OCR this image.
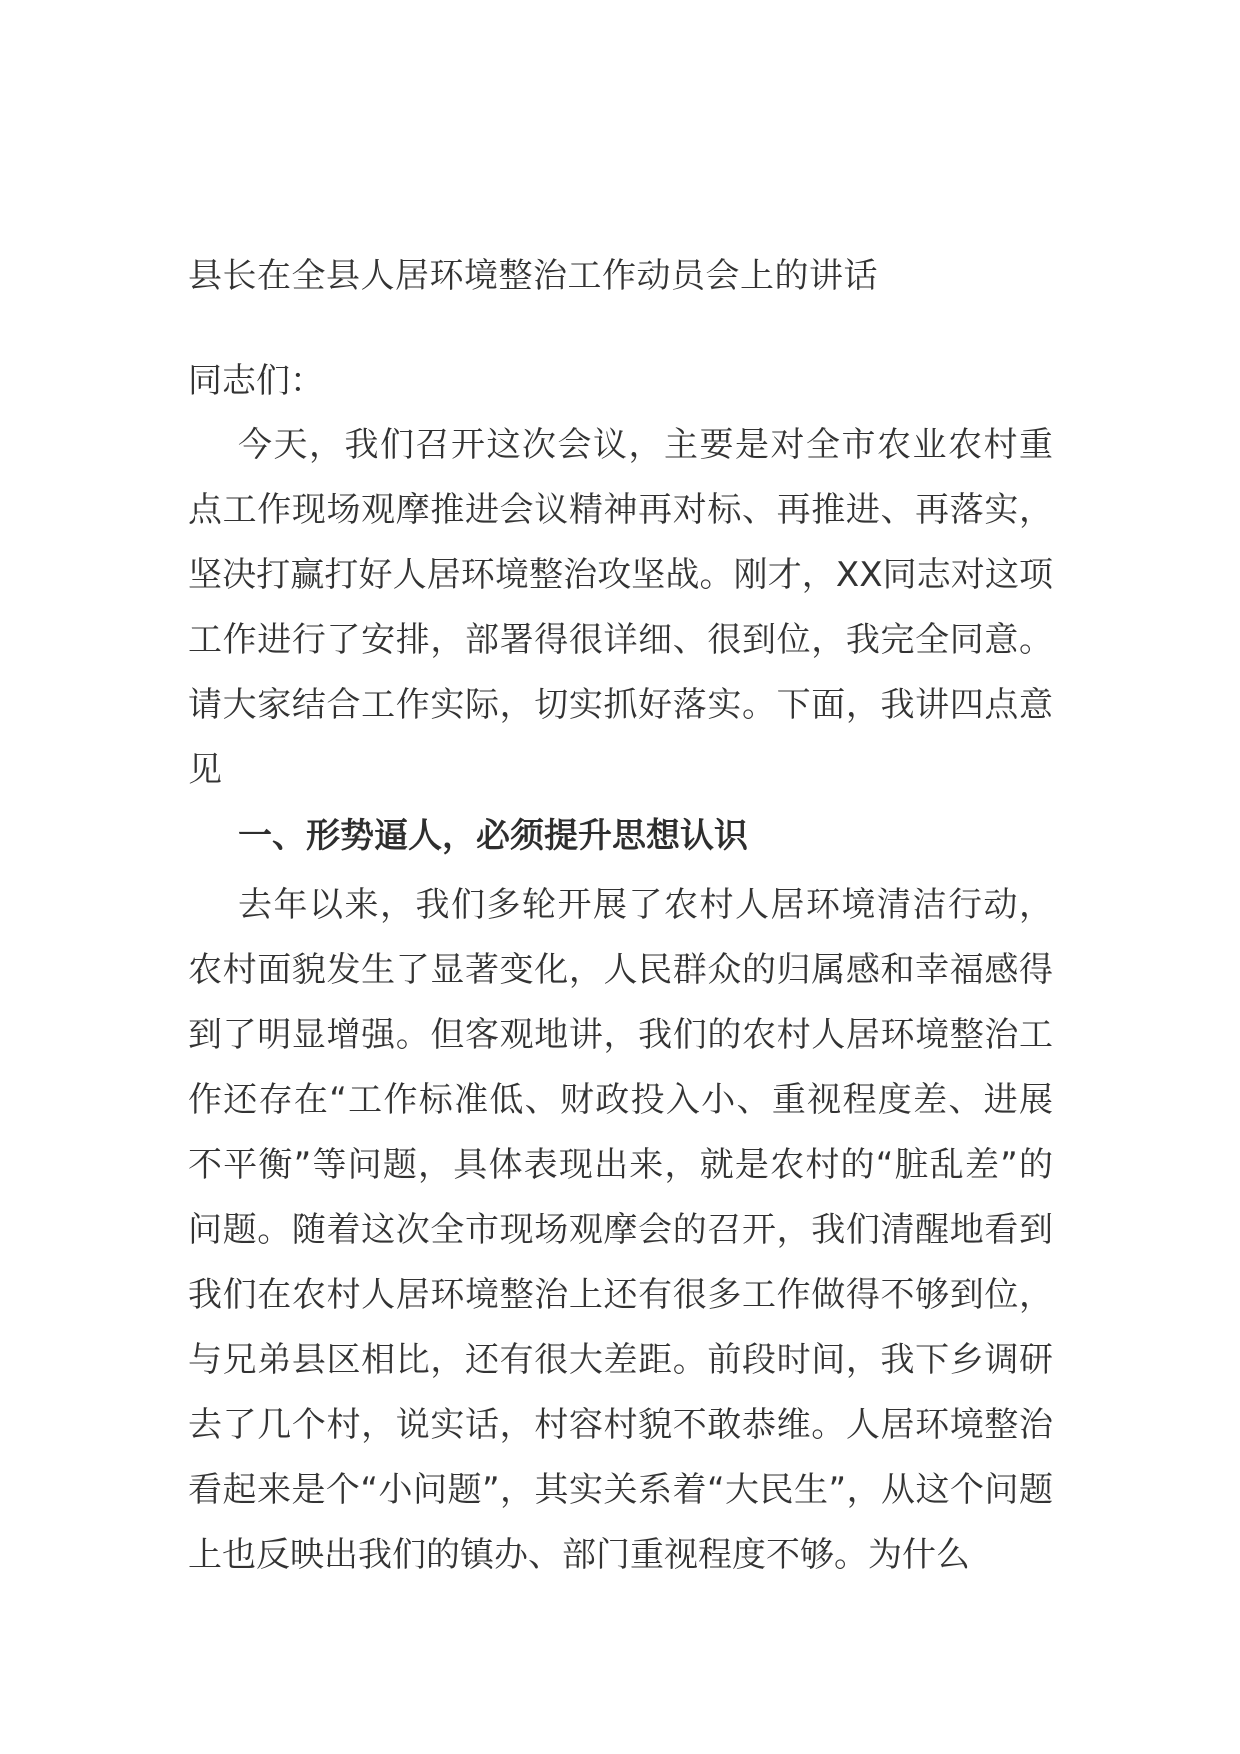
县长在全县人居环境整治工作动员会上的讲话
同志们：

今天，我们召开这次会议，主要是对全市农业农村重点工作现场观摩推进会议精神再对标、再推进、再落实，坚决打赢打好人居环境整治攻坚战。刚才，XX同志对这项工作进行了安排，部署得很详细、很到位，我完全同意。请大家结合工作实际，切实抓好落实。下面，我讲四点意见

一、形势逼人，必须提升思想认识

去年以来，我们多轮开展了农村人居环境清洁行动，农村面貌发生了显著变化，人民群众的归属感和幸福感得到了明显增强。但客观地讲，我们的农村人居环境整治工作还存在“工作标准低、财政投入小、重视程度差、进展不平衡”等问题，具体表现出来，就是农村的“脏乱差”的问题。随着这次全市现场观摩会的召开，我们清醒地看到我们在农村人居环境整治上还有很多工作做得不够到位，与兄弟县区相比，还有很大差距。前段时间，我下乡调研去了几个村，说实话，村容村貌不敢恭维。人居环境整治看起来是个“小问题”，其实关系着“大民生”，从这个问题上也反映出我们的镇办、部门重视程度不够。为什么
